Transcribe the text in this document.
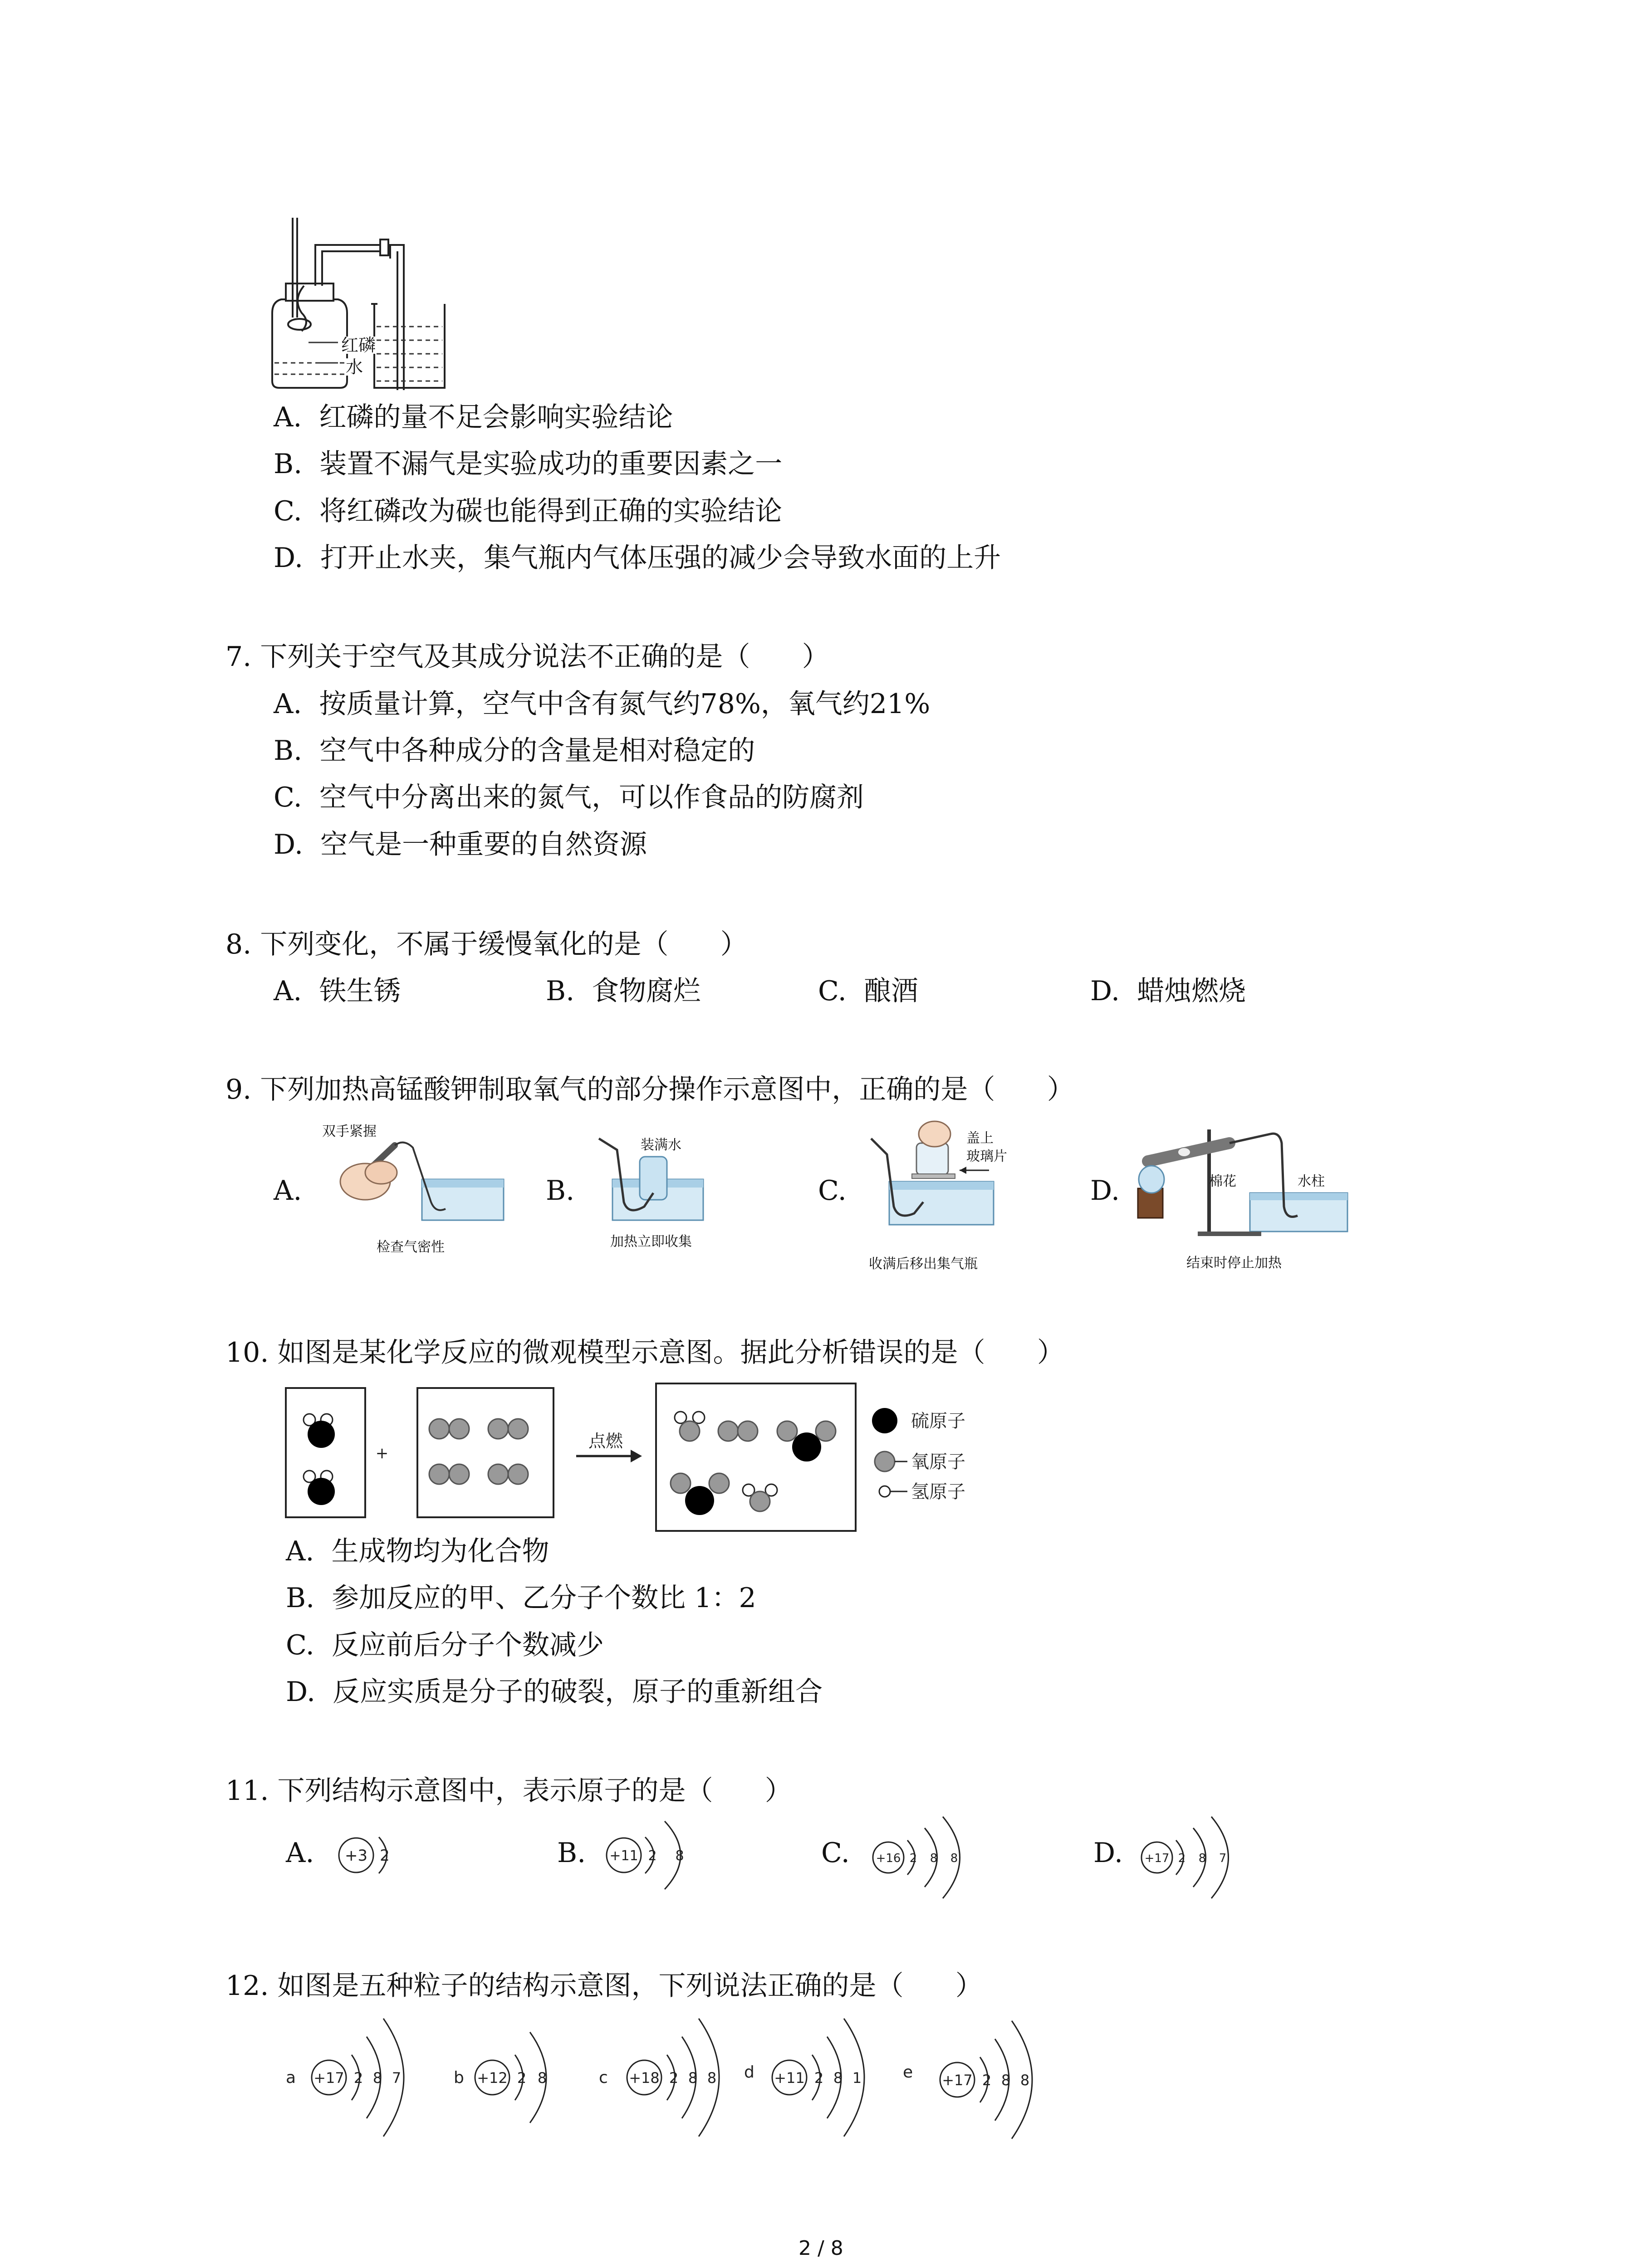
红磷
水
A.  红磷的量不足会影响实验结论
B.  装置不漏气是实验成功的重要因素之一
C.  将红磷改为碳也能得到正确的实验结论
D.  打开止水夹，集气瓶内气体压强的减少会导致水面的上升
7. 下列关于空气及其成分说法不正确的是（      ）
A.  按质量计算，空气中含有氮气约78%，氧气约21%
B.  空气中各种成分的含量是相对稳定的
C.  空气中分离出来的氮气，可以作食品的防腐剂
D.  空气是一种重要的自然资源
8. 下列变化，不属于缓慢氧化的是（      ）
A.  铁生锈	B.  食物腐烂	C.  酿酒	D.  蜡烛燃烧
9. 下列加热高锰酸钾制取氧气的部分操作示意图中，正确的是（      ）
A.	B.	C.	D.
双手紧握
检查气密性
装满水
加热立即收集
盖上
玻璃片
收满后移出集气瓶
棉花	水柱
结束时停止加热
10. 如图是某化学反应的微观模型示意图。据此分析错误的是（      ）
+
点燃
硫原子
氧原子
氢原子
A.  生成物均为化合物
B.  参加反应的甲、乙分子个数比 1：2
C.  反应前后分子个数减少
D.  反应实质是分子的破裂，原子的重新组合
11. 下列结构示意图中，表示原子的是（      ）
A. +3 2	B. +11 2 8	C. +16 2 8 8	D. +17 2 8 7
12. 如图是五种粒子的结构示意图，下列说法正确的是（      ）
a +17 2 8 7	b +12 2 8	c +18 2 8 8 d +11 2 8 1	e +17 2 8 8
2 / 8
